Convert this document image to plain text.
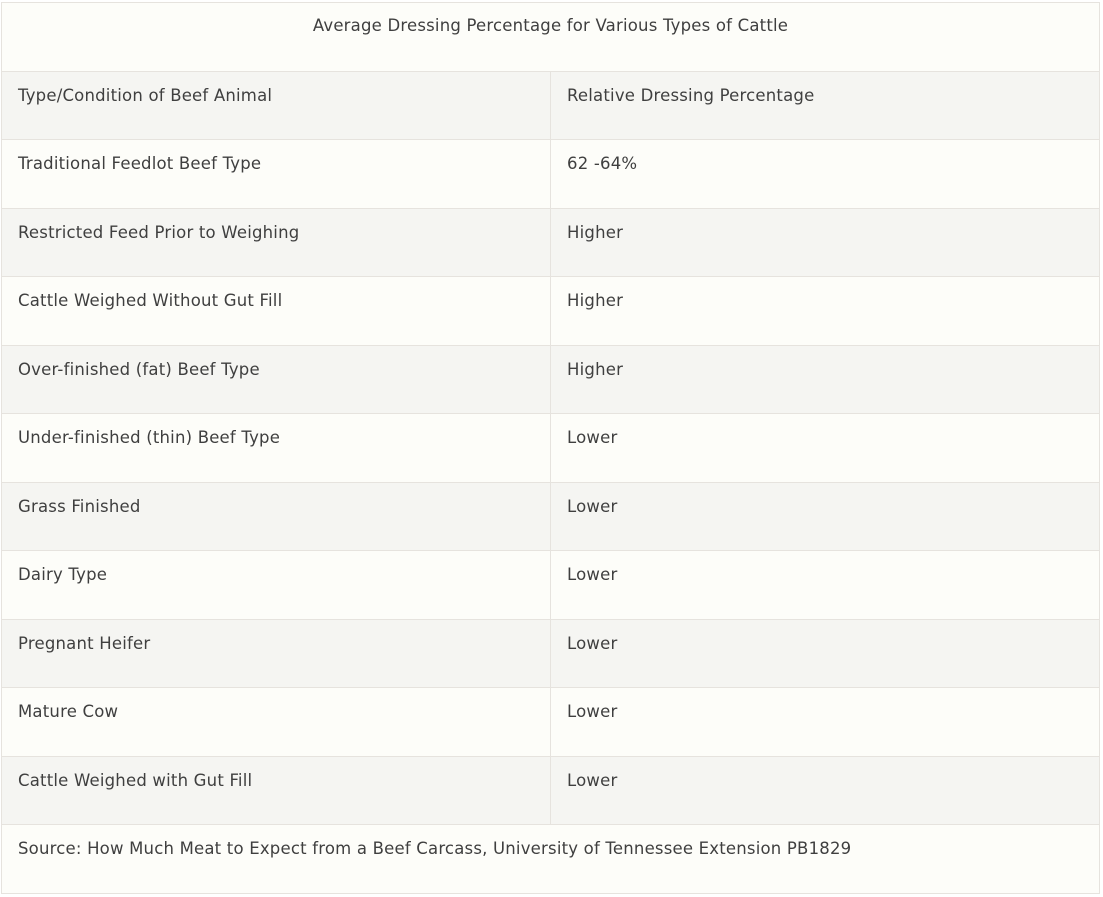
Average Dressing Percentage for Various Types of Cattle	
Type/Condition of Beef Animal	Relative Dressing Percentage
Traditional Feedlot Beef Type	62 -64%
Restricted Feed Prior to Weighing	Higher
Cattle Weighed Without Gut Fill	Higher
Over-finished (fat) Beef Type	Higher
Under-finished (thin) Beef Type	Lower
Grass Finished	Lower
Dairy Type	Lower
Pregnant Heifer	Lower
Mature Cow	Lower
Cattle Weighed with Gut Fill	Lower
Source: How Much Meat to Expect from a Beef Carcass, University of Tennessee Extension PB1829	
